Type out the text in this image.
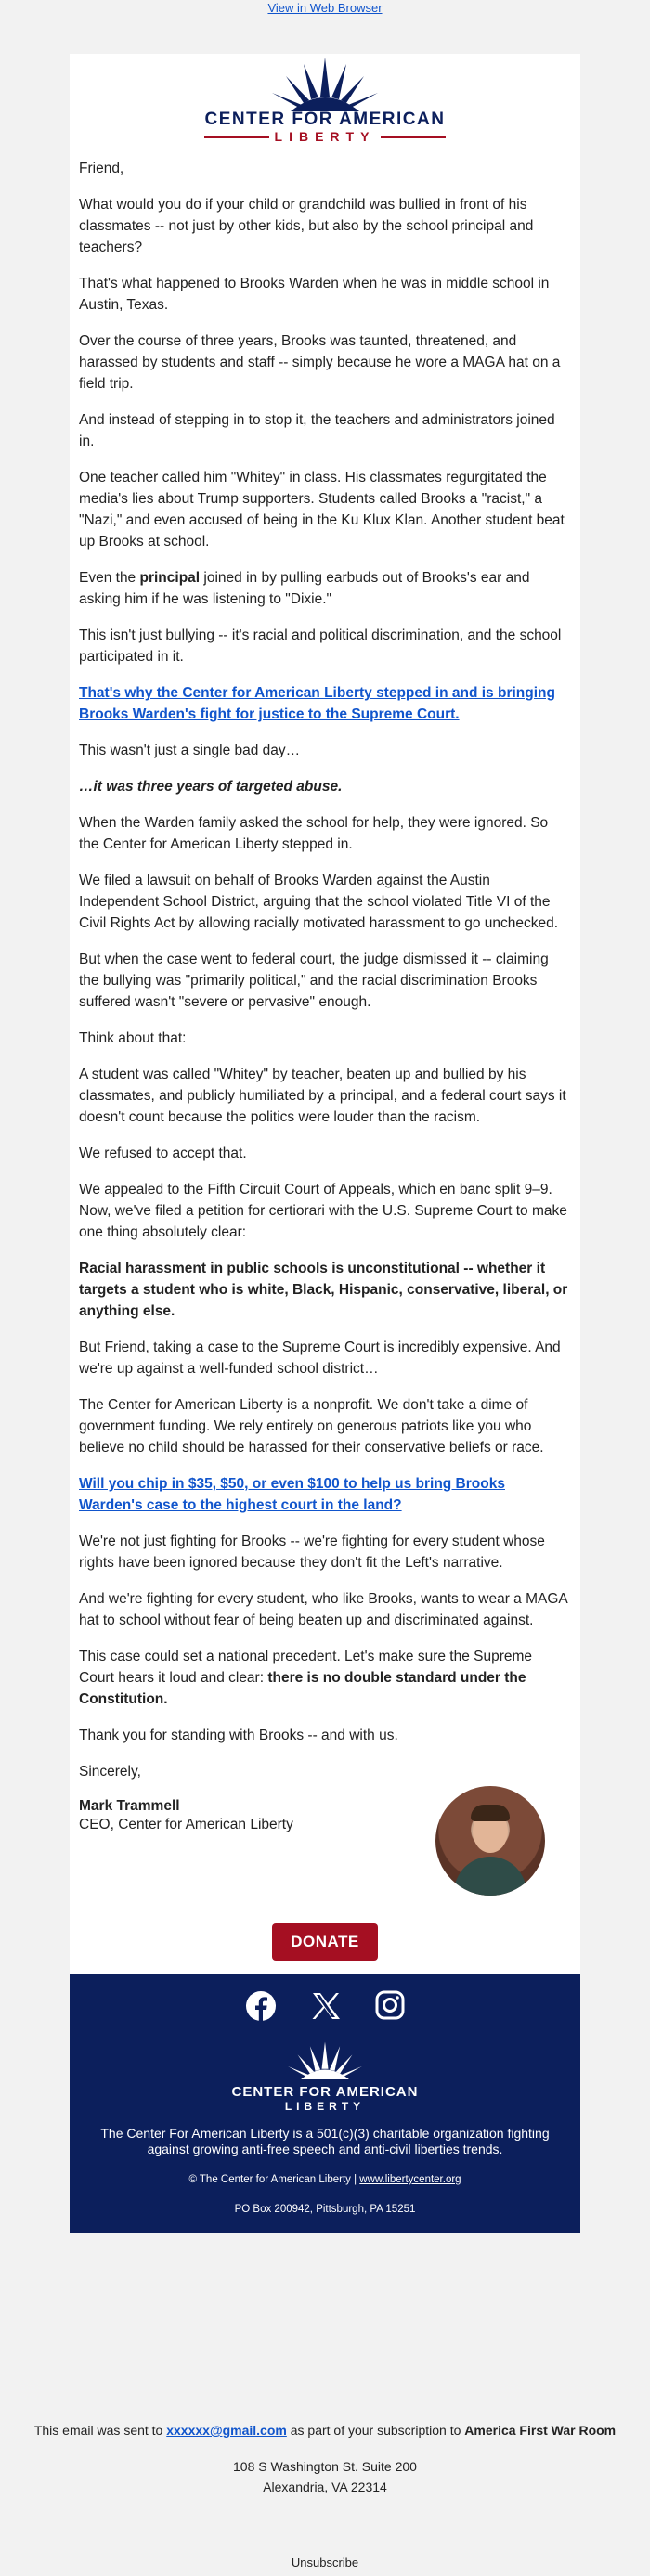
View in Web Browser
CENTER FOR AMERICAN
LIBERTY

Friend,

What would you do if your child or grandchild was bullied in front of his classmates -- not just by other kids, but also by the school principal and teachers?

That's what happened to Brooks Warden when he was in middle school in Austin, Texas.

Over the course of three years, Brooks was taunted, threatened, and harassed by students and staff -- simply because he wore a MAGA hat on a field trip.

And instead of stepping in to stop it, the teachers and administrators joined in.

One teacher called him "Whitey" in class. His classmates regurgitated the media's lies about Trump supporters. Students called Brooks a "racist," a "Nazi," and even accused of being in the Ku Klux Klan. Another student beat up Brooks at school.

Even the principal joined in by pulling earbuds out of Brooks's ear and asking him if he was listening to "Dixie."

This isn't just bullying -- it's racial and political discrimination, and the school participated in it.

That's why the Center for American Liberty stepped in and is bringing Brooks Warden's fight for justice to the Supreme Court.

This wasn't just a single bad day…

…it was three years of targeted abuse.

When the Warden family asked the school for help, they were ignored. So the Center for American Liberty stepped in.

We filed a lawsuit on behalf of Brooks Warden against the Austin Independent School District, arguing that the school violated Title VI of the Civil Rights Act by allowing racially motivated harassment to go unchecked.

But when the case went to federal court, the judge dismissed it -- claiming the bullying was "primarily political," and the racial discrimination Brooks suffered wasn't "severe or pervasive" enough.

Think about that:

A student was called "Whitey" by teacher, beaten up and bullied by his classmates, and publicly humiliated by a principal, and a federal court says it doesn't count because the politics were louder than the racism.

We refused to accept that.

We appealed to the Fifth Circuit Court of Appeals, which en banc split 9–9. Now, we've filed a petition for certiorari with the U.S. Supreme Court to make one thing absolutely clear:

Racial harassment in public schools is unconstitutional -- whether it targets a student who is white, Black, Hispanic, conservative, liberal, or anything else.

But Friend, taking a case to the Supreme Court is incredibly expensive. And we're up against a well-funded school district…

The Center for American Liberty is a nonprofit. We don't take a dime of government funding. We rely entirely on generous patriots like you who believe no child should be harassed for their conservative beliefs or race.

Will you chip in $35, $50, or even $100 to help us bring Brooks Warden's case to the highest court in the land?

We're not just fighting for Brooks -- we're fighting for every student whose rights have been ignored because they don't fit the Left's narrative.

And we're fighting for every student, who like Brooks, wants to wear a MAGA hat to school without fear of being beaten up and discriminated against.

This case could set a national precedent. Let's make sure the Supreme Court hears it loud and clear: there is no double standard under the Constitution.

Thank you for standing with Brooks -- and with us.

Sincerely,

Mark Trammell
CEO, Center for American Liberty
DONATE
CENTER FOR AMERICAN
LIBERTY
The Center For American Liberty is a 501(c)(3) charitable organization fighting against growing anti-free speech and anti-civil liberties trends.
© The Center for American Liberty | www.libertycenter.org
PO Box 200942, Pittsburgh, PA 15251
This email was sent to xxxxxx@gmail.com as part of your subscription to America First War Room
108 S Washington St. Suite 200
Alexandria, VA 22314
Unsubscribe
